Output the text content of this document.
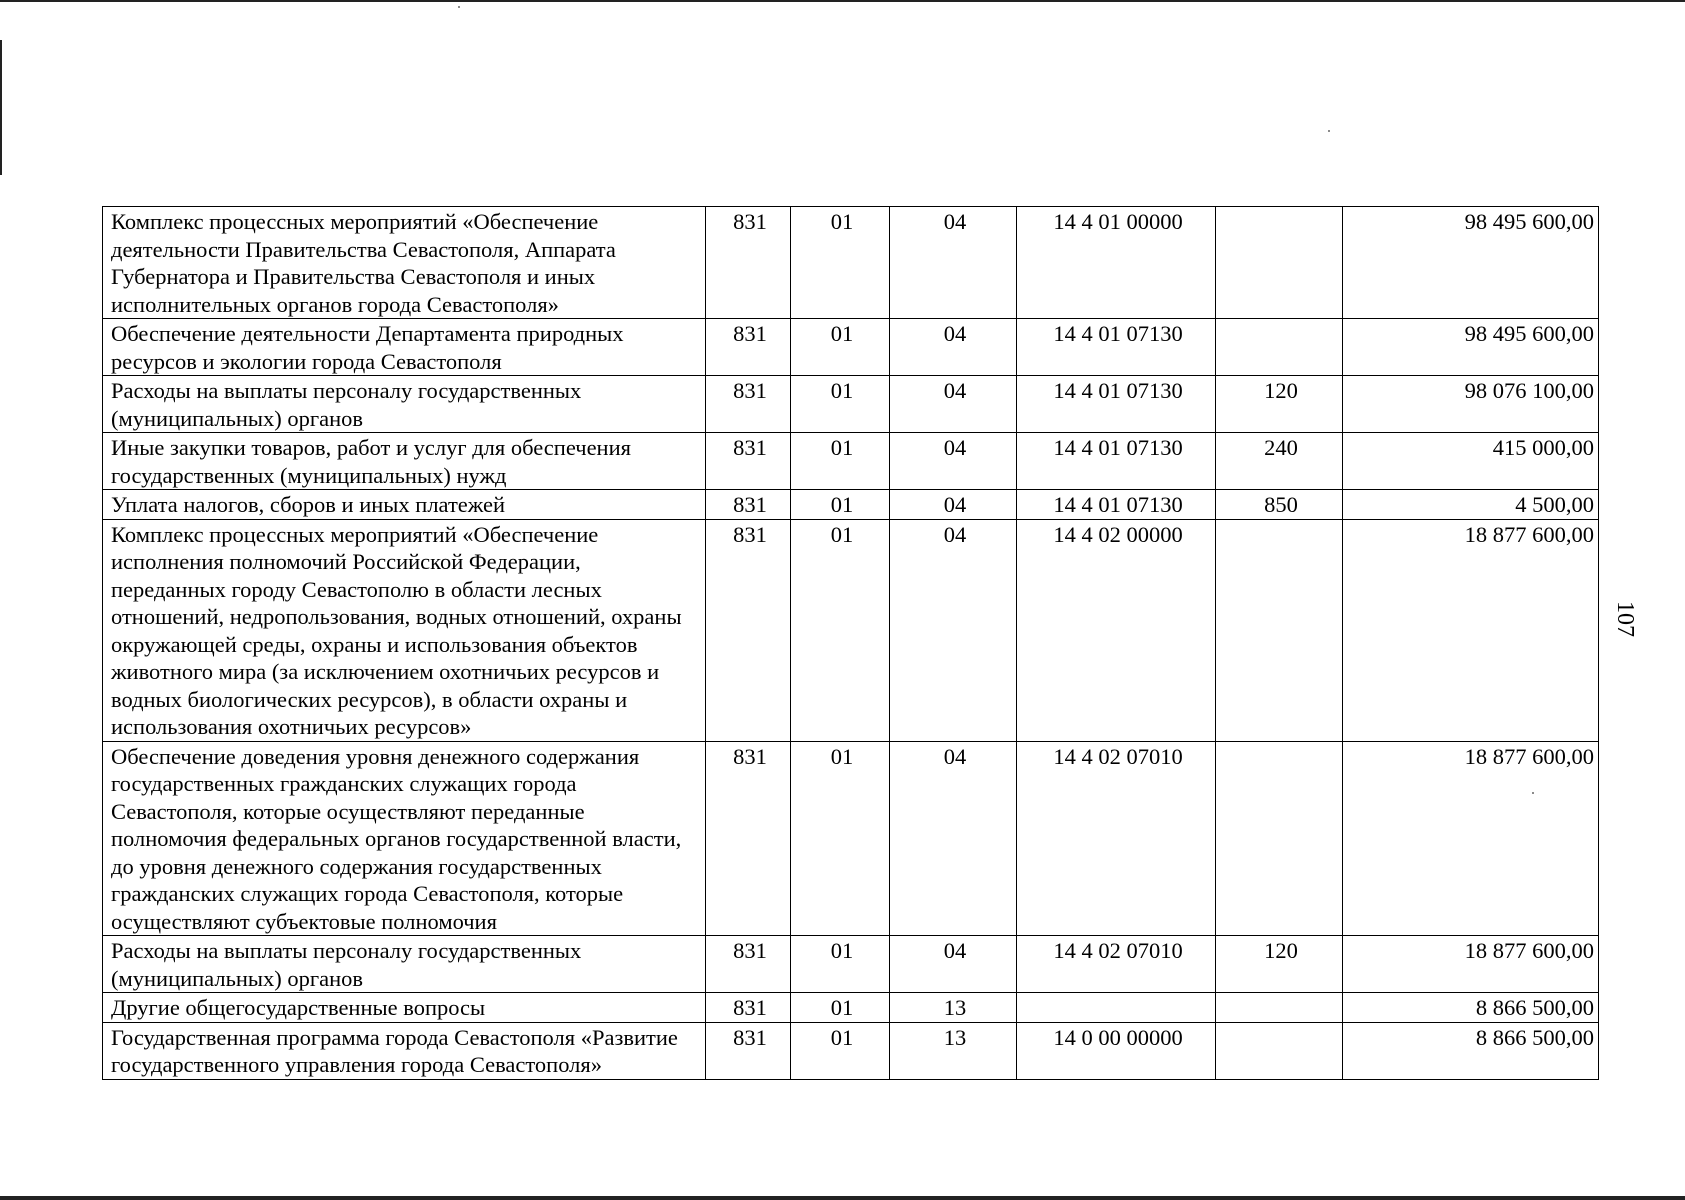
107
Комплекс процессных мероприятий «Обеспечение деятельности Правительства Севастополя, Аппарата Губернатора и Правительства Севастополя и иных исполнительных органов города Севастополя»	831	01	04	14 4 01 00000		98 495 600,00
Обеспечение деятельности Департамента природных ресурсов и экологии города Севастополя	831	01	04	14 4 01 07130		98 495 600,00
Расходы на выплаты персоналу государственных (муниципальных) органов	831	01	04	14 4 01 07130	120	98 076 100,00
Иные закупки товаров, работ и услуг для обеспечения государственных (муниципальных) нужд	831	01	04	14 4 01 07130	240	415 000,00
Уплата налогов, сборов и иных платежей	831	01	04	14 4 01 07130	850	4 500,00
Комплекс процессных мероприятий «Обеспечение исполнения полномочий Российской Федерации, переданных городу Севастополю в области лесных отношений, недропользования, водных отношений, охраны окружающей среды, охраны и использования объектов животного мира (за исключением охотничьих ресурсов и водных биологических ресурсов), в области охраны и использования охотничьих ресурсов»	831	01	04	14 4 02 00000		18 877 600,00
Обеспечение доведения уровня денежного содержания государственных гражданских служащих города Севастополя, которые осуществляют переданные полномочия федеральных органов государственной власти, до уровня денежного содержания государственных гражданских служащих города Севастополя, которые осуществляют субъектовые полномочия	831	01	04	14 4 02 07010		18 877 600,00
Расходы на выплаты персоналу государственных (муниципальных) органов	831	01	04	14 4 02 07010	120	18 877 600,00
Другие общегосударственные вопросы	831	01	13			8 866 500,00
Государственная программа города Севастополя «Развитие государственного управления города Севастополя»	831	01	13	14 0 00 00000		8 866 500,00
